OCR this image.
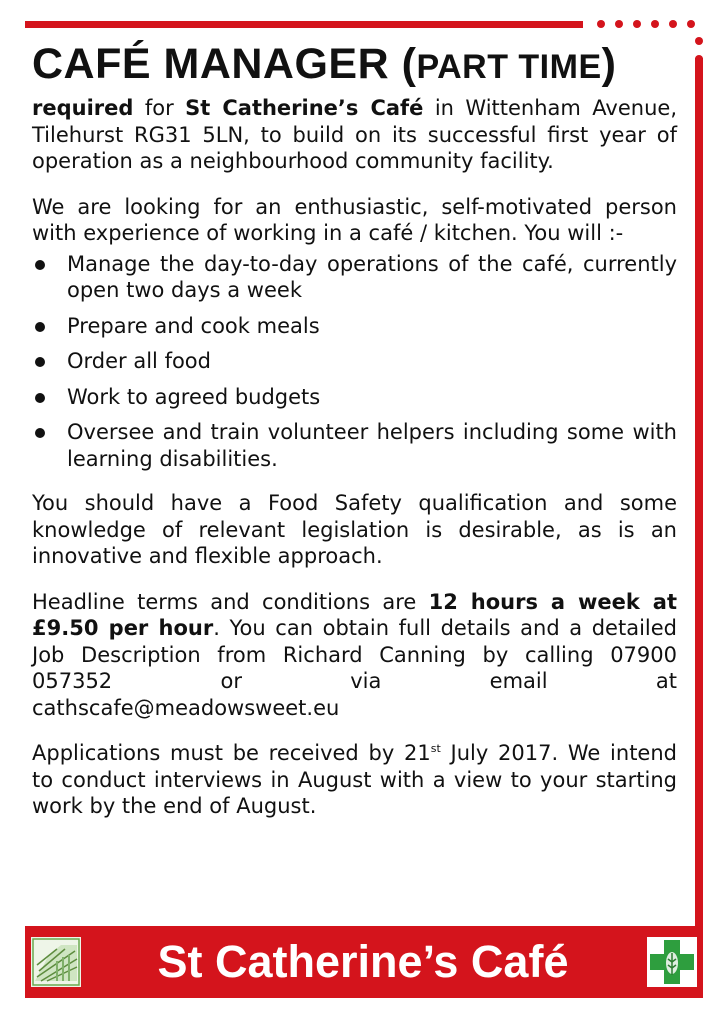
CAFÉ MANAGER (PART TIME)

required for St Catherine’s Café in Wittenham Avenue, Tilehurst RG31 5LN, to build on its successful first year of operation as a neighbourhood community facility.

We are looking for an enthusiastic, self-motivated person with experience of working in a café / kitchen. You will :-

Manage the day-to-day operations of the café, currently open two days a week
Prepare and cook meals
Order all food
Work to agreed budgets
Oversee and train volunteer helpers including some with learning disabilities.

You should have a Food Safety qualification and some knowledge of relevant legislation is desirable, as is an innovative and flexible approach.

Headline terms and conditions are 12 hours a week at £9.50 per hour. You can obtain full details and a detailed Job Description from Richard Canning by calling 07900 057352 or via email at
cathscafe@meadowsweet.eu

Applications must be received by 21st July 2017. We intend to conduct interviews in August with a view to your starting work by the end of August.

St Catherine’s Café
